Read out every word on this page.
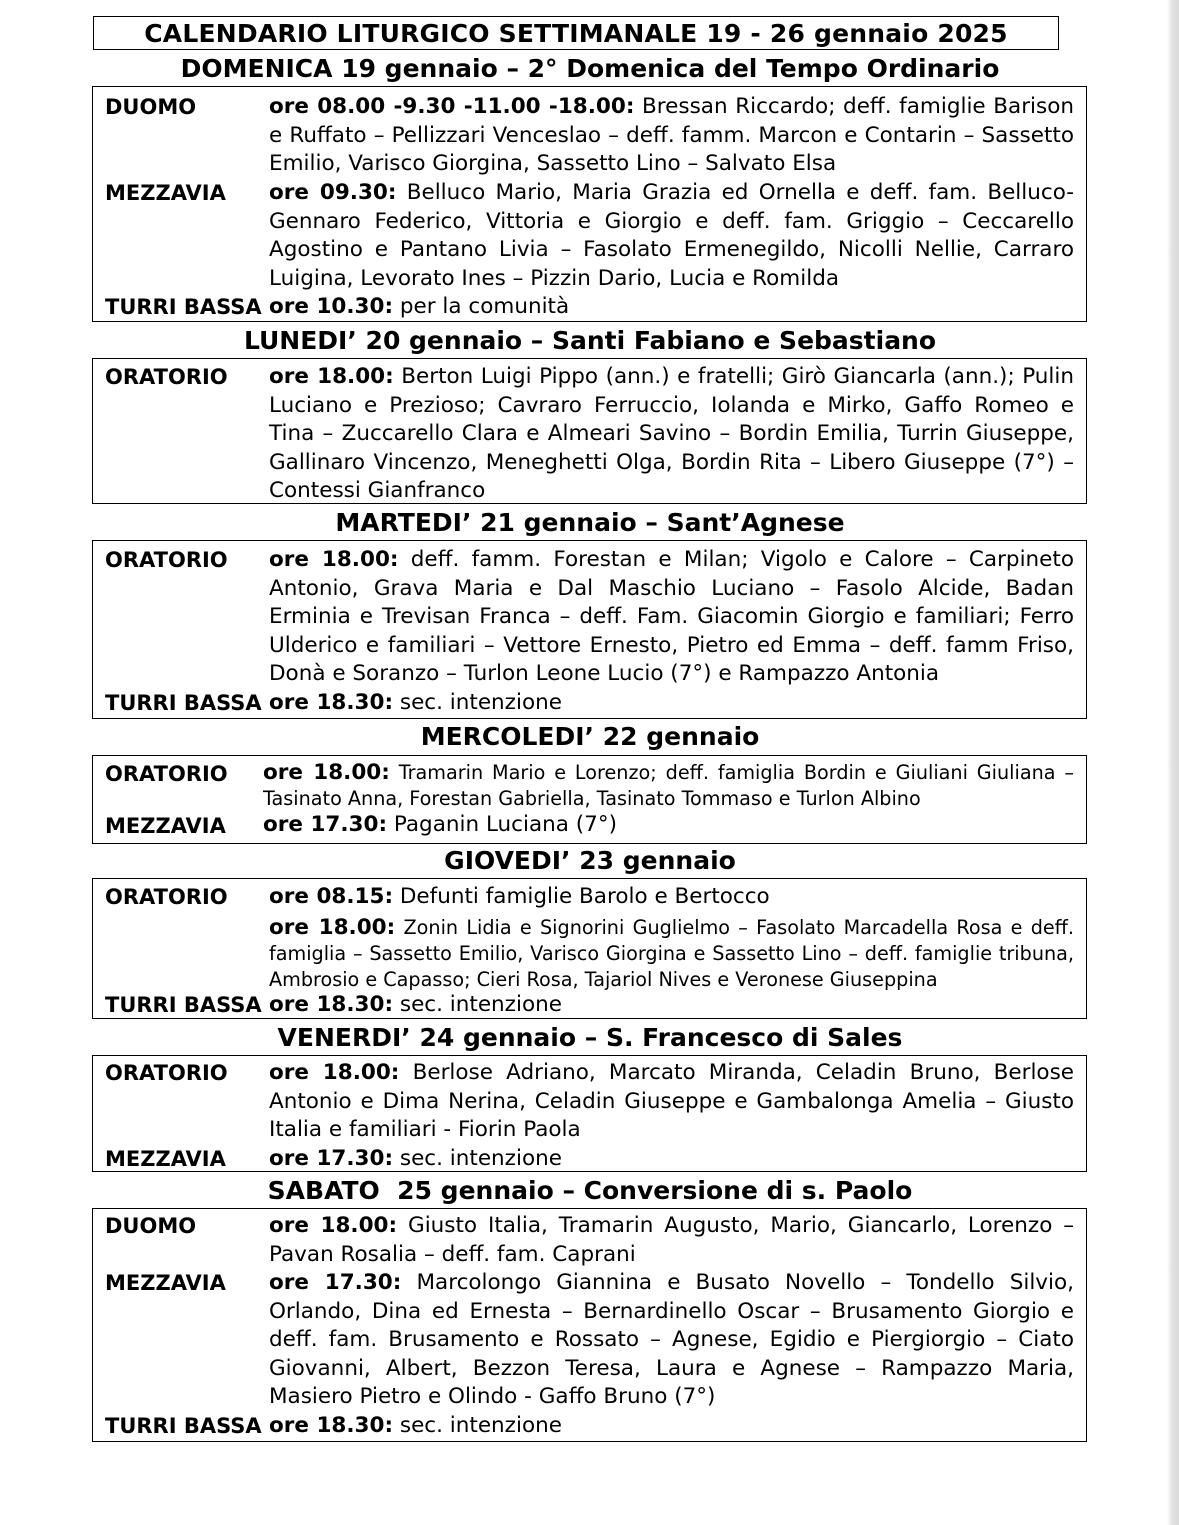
CALENDARIO LITURGICO SETTIMANALE 19 - 26 gennaio 2025
DOMENICA 19 gennaio – 2° Domenica del Tempo Ordinario
DUOMO	ore 08.00 -9.30 -11.00 -18.00: Bressan Riccardo; deff. famiglie Barison e Ruffato – Pellizzari Venceslao – deff. famm. Marcon e Contarin – Sassetto Emilio, Varisco Giorgina, Sassetto Lino – Salvato Elsa
MEZZAVIA ore 09.30: Belluco Mario, Maria Grazia ed Ornella e deff. fam. Belluco-Gennaro Federico, Vittoria e Giorgio e deff. fam. Griggio – Ceccarello Agostino e Pantano Livia – Fasolato Ermenegildo, Nicolli Nellie, Carraro Luigina, Levorato Ines – Pizzin Dario, Lucia e Romilda
TURRI BASSA ore 10.30: per la comunità
LUNEDI’ 20 gennaio – Santi Fabiano e Sebastiano
ORATORIO ore 18.00: Berton Luigi Pippo (ann.) e fratelli; Girò Giancarla (ann.); Pulin Luciano e Prezioso; Cavraro Ferruccio, Iolanda e Mirko, Gaffo Romeo e Tina – Zuccarello Clara e Almeari Savino – Bordin Emilia, Turrin Giuseppe, Gallinaro Vincenzo, Meneghetti Olga, Bordin Rita – Libero Giuseppe (7°) – Contessi Gianfranco
MARTEDI’ 21 gennaio – Sant’Agnese
ORATORIO ore 18.00: deff. famm. Forestan e Milan; Vigolo e Calore – Carpineto Antonio, Grava Maria e Dal Maschio Luciano – Fasolo Alcide, Badan Erminia e Trevisan Franca – deff. Fam. Giacomin Giorgio e familiari; Ferro Ulderico e familiari – Vettore Ernesto, Pietro ed Emma – deff. famm Friso, Donà e Soranzo – Turlon Leone Lucio (7°) e Rampazzo Antonia
TURRI BASSA ore 18.30: sec. intenzione
MERCOLEDI’ 22 gennaio
ORATORIO ore 18.00: Tramarin Mario e Lorenzo; deff. famiglia Bordin e Giuliani Giuliana – Tasinato Anna, Forestan Gabriella, Tasinato Tommaso e Turlon Albino
MEZZAVIA ore 17.30: Paganin Luciana (7°)
GIOVEDI’ 23 gennaio
ORATORIO ore 08.15: Defunti famiglie Barolo e Bertocco
ore 18.00: Zonin Lidia e Signorini Guglielmo – Fasolato Marcadella Rosa e deff. famiglia – Sassetto Emilio, Varisco Giorgina e Sassetto Lino – deff. famiglie tribuna, Ambrosio e Capasso; Cieri Rosa, Tajariol Nives e Veronese Giuseppina
TURRI BASSA ore 18.30: sec. intenzione
VENERDI’ 24 gennaio – S. Francesco di Sales
ORATORIO ore 18.00: Berlose Adriano, Marcato Miranda, Celadin Bruno, Berlose Antonio e Dima Nerina, Celadin Giuseppe e Gambalonga Amelia – Giusto Italia e familiari - Fiorin Paola
MEZZAVIA ore 17.30: sec. intenzione
SABATO  25 gennaio – Conversione di s. Paolo
DUOMO	ore 18.00: Giusto Italia, Tramarin Augusto, Mario, Giancarlo, Lorenzo – Pavan Rosalia – deff. fam. Caprani
MEZZAVIA ore 17.30: Marcolongo Giannina e Busato Novello – Tondello Silvio, Orlando, Dina ed Ernesta – Bernardinello Oscar – Brusamento Giorgio e deff. fam. Brusamento e Rossato – Agnese, Egidio e Piergiorgio – Ciato Giovanni, Albert, Bezzon Teresa, Laura e Agnese – Rampazzo Maria, Masiero Pietro e Olindo - Gaffo Bruno (7°)
TURRI BASSA ore 18.30: sec. intenzione
